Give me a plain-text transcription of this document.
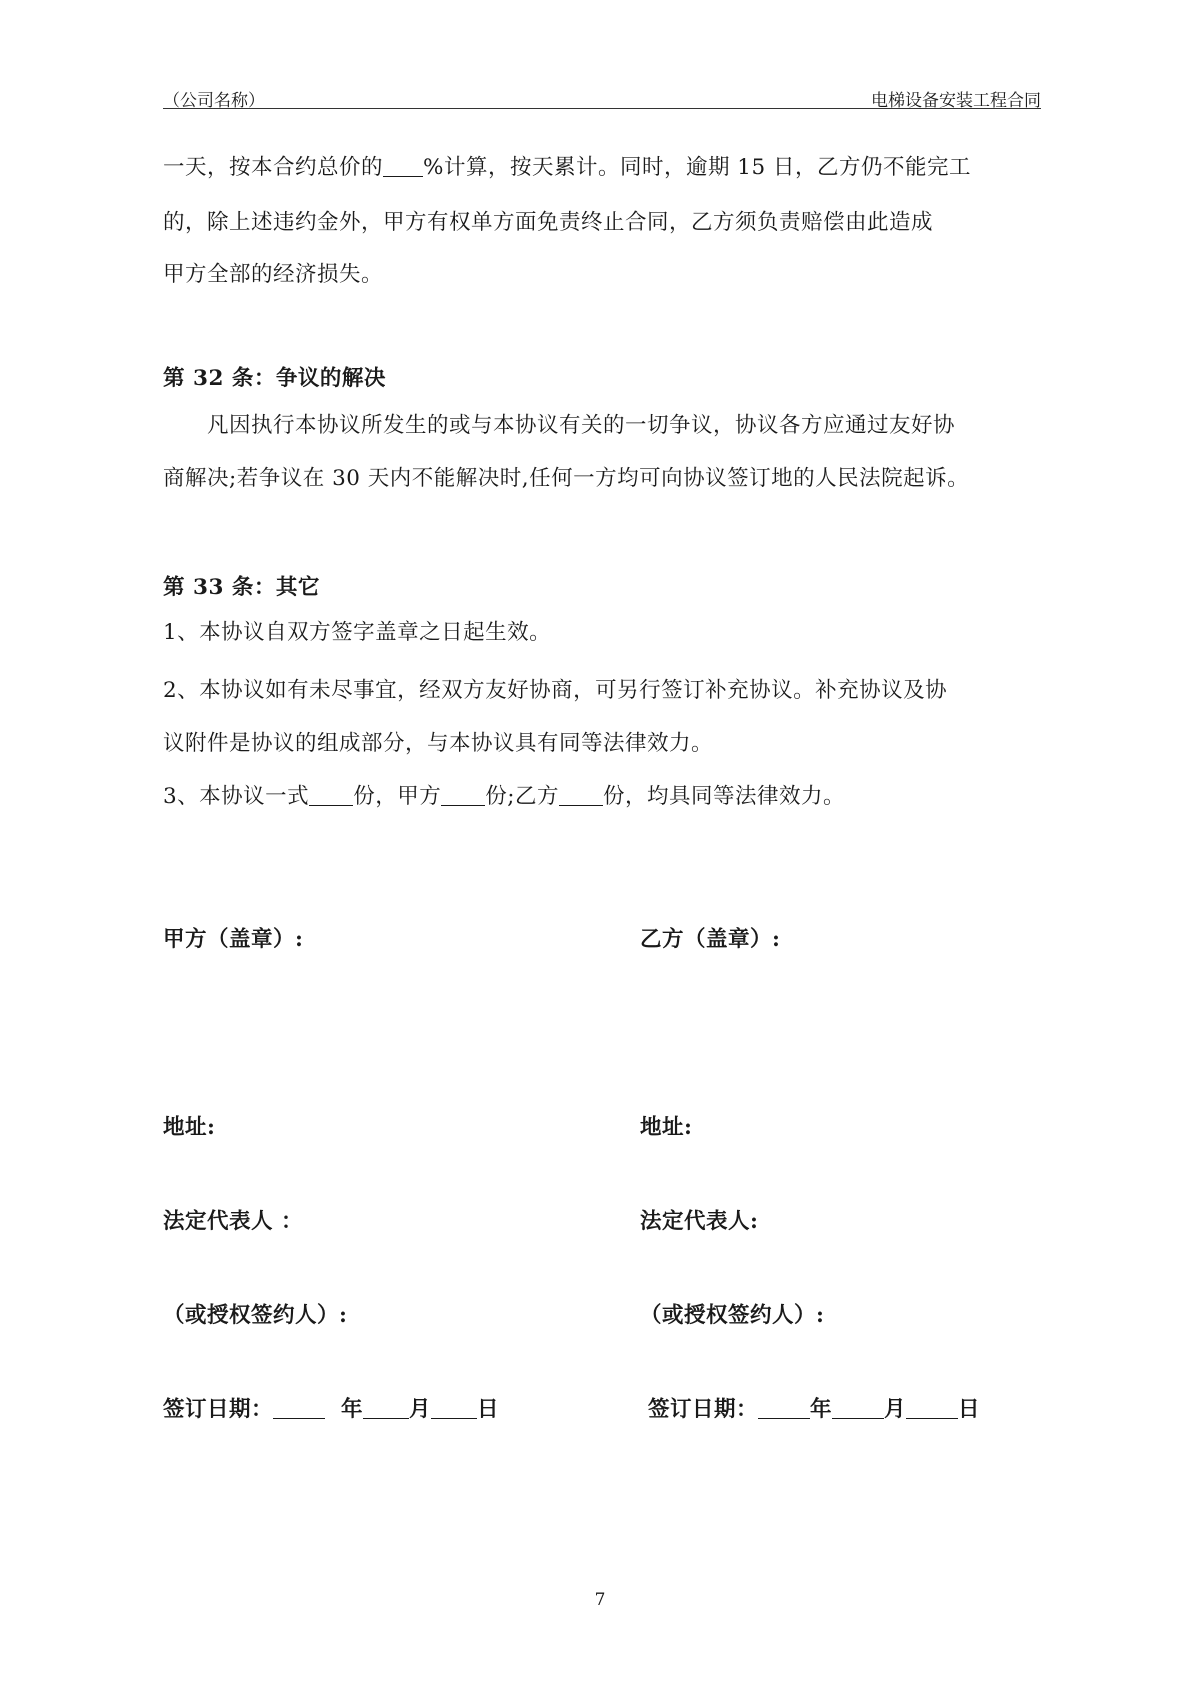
（公司名称）	电梯设备安装工程合同
一天，按本合约总价的 %计算，按天累计。同时，逾期 15 日，乙方仍不能完工
的，除上述违约金外，甲方有权单方面免责终止合同，乙方须负责赔偿由此造成
甲方全部的经济损失。
第 32 条：争议的解决
凡因执行本协议所发生的或与本协议有关的一切争议，协议各方应通过友好协
商解决;若争议在 30 天内不能解决时,任何一方均可向协议签订地的人民法院起诉。
第 33 条：其它
1、本协议自双方签字盖章之日起生效。
2、本协议如有未尽事宜，经双方友好协商，可另行签订补充协议。补充协议及协
议附件是协议的组成部分，与本协议具有同等法律效力。
3、本协议一式 份，甲方 份;乙方 份，均具同等法律效力。
甲方（盖章）:
地址:
法定代表人 ：
（或授权签约人）:
签订日期：	年 月 日
乙方（盖章）:
地址:
法定代表人:
（或授权签约人）:
签订日期： 年 月 日
7
